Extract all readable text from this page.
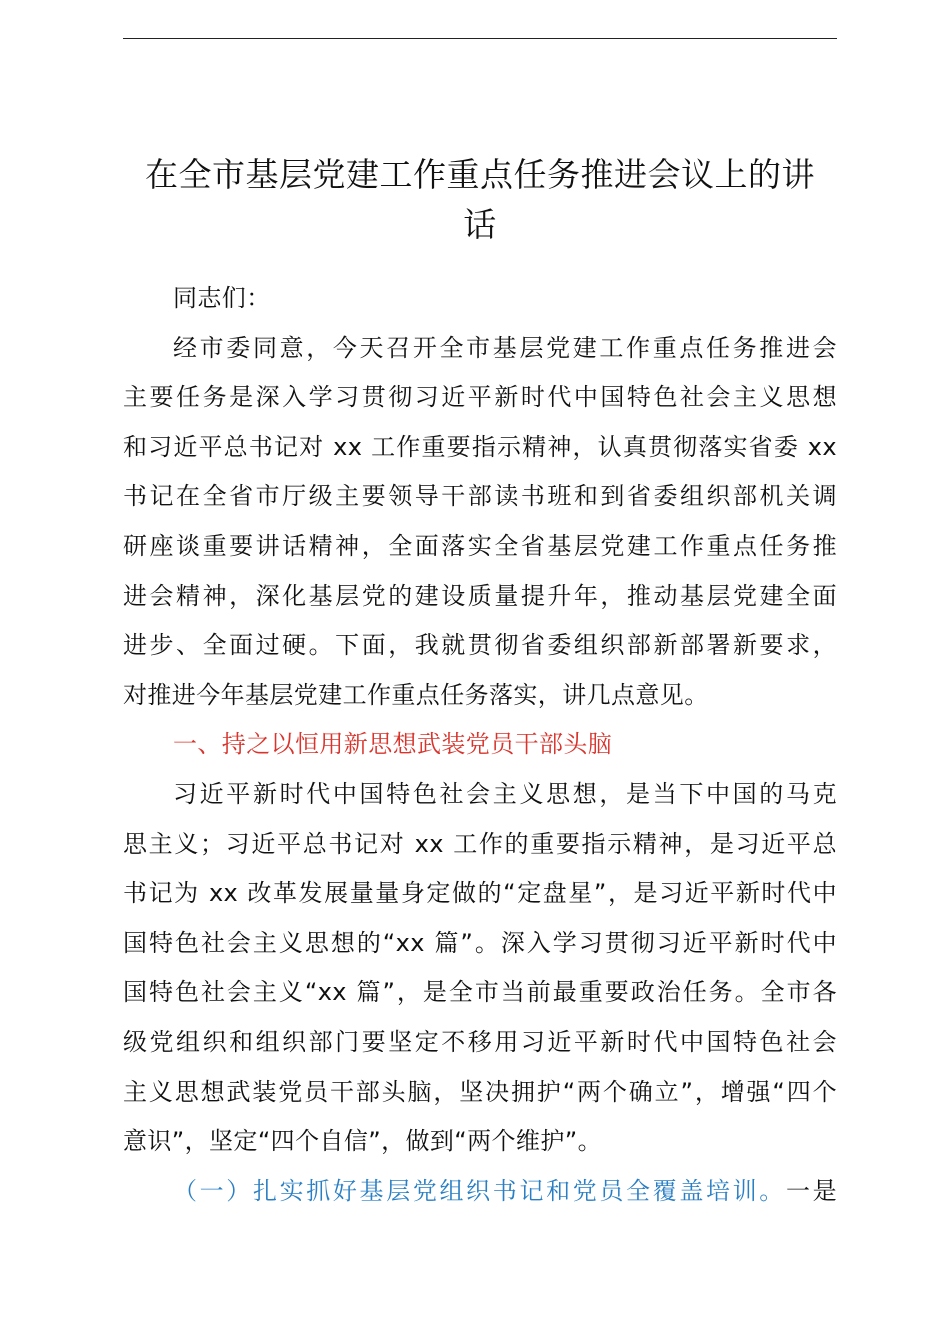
在全市基层党建工作重点任务推进会议上的讲
话
同志们：
经市委同意，今天召开全市基层党建工作重点任务推进会
主要任务是深入学习贯彻习近平新时代中国特色社会主义思想
和习近平总书记对 xx 工作重要指示精神，认真贯彻落实省委 xx
书记在全省市厅级主要领导干部读书班和到省委组织部机关调
研座谈重要讲话精神，全面落实全省基层党建工作重点任务推
进会精神，深化基层党的建设质量提升年，推动基层党建全面
进步、全面过硬。下面，我就贯彻省委组织部新部署新要求，
对推进今年基层党建工作重点任务落实，讲几点意见。
一、持之以恒用新思想武装党员干部头脑
习近平新时代中国特色社会主义思想，是当下中国的马克
思主义；习近平总书记对 xx 工作的重要指示精神，是习近平总
书记为 xx 改革发展量量身定做的“定盘星”，是习近平新时代中
国特色社会主义思想的“xx 篇”。深入学习贯彻习近平新时代中
国特色社会主义“xx 篇”，是全市当前最重要政治任务。全市各
级党组织和组织部门要坚定不移用习近平新时代中国特色社会
主义思想武装党员干部头脑，坚决拥护“两个确立”，增强“四个
意识”，坚定“四个自信”，做到“两个维护”。
（一）扎实抓好基层党组织书记和党员全覆盖培训。一是
